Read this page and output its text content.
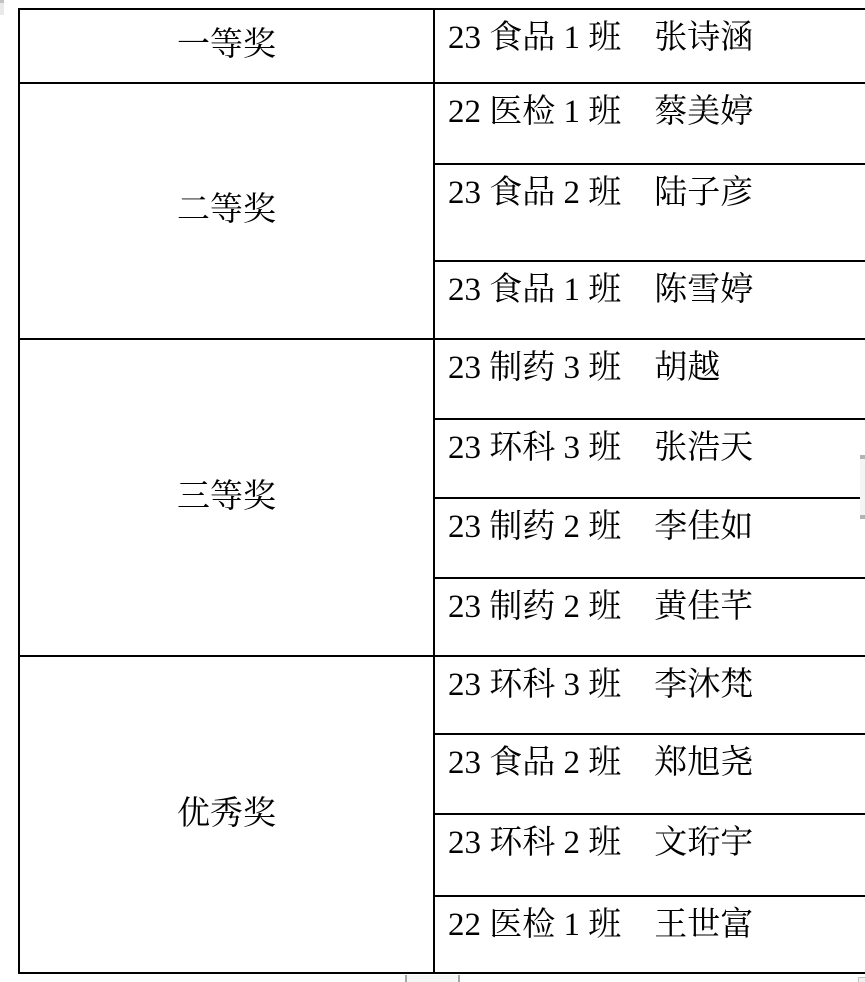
一等奖	23 食品 1 班　张诗涵
二等奖	22 医检 1 班　蔡美婷
	23 食品 2 班　陆子彦
	23 食品 1 班　陈雪婷
三等奖	23 制药 3 班　胡越
	23 环科 3 班　张浩天
	23 制药 2 班　李佳如
	23 制药 2 班　黄佳芊
优秀奖	23 环科 3 班　李沐梵
	23 食品 2 班　郑旭尧
	23 环科 2 班　文珩宇
	22 医检 1 班　王世富
